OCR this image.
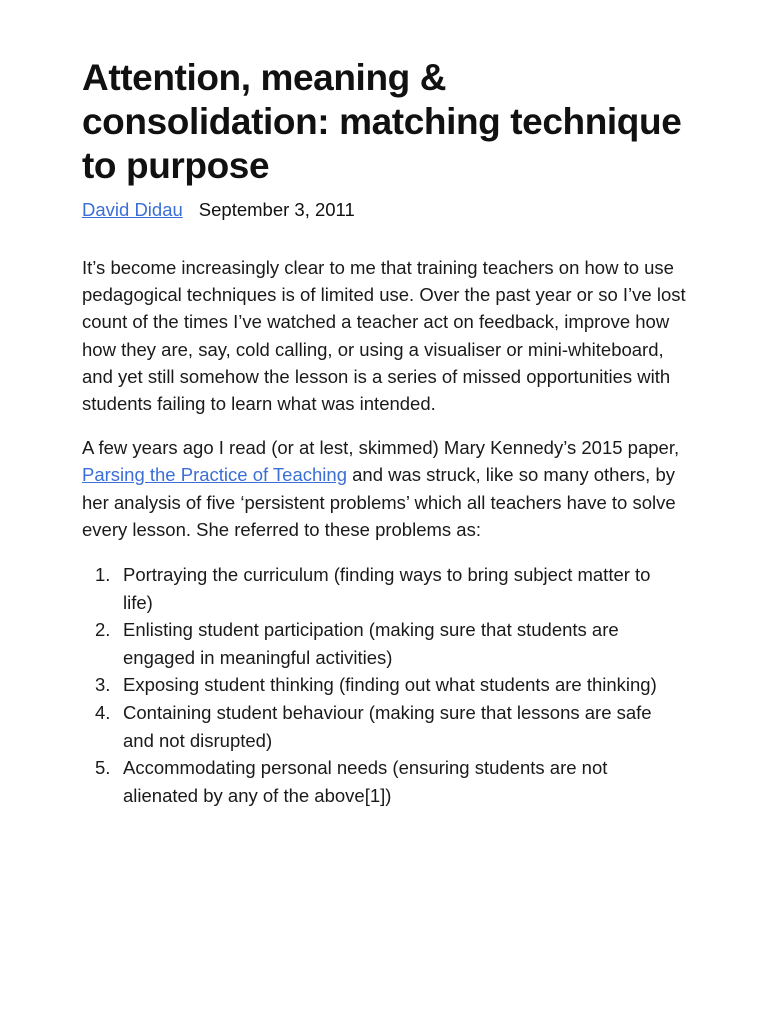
Attention, meaning & consolidation: matching technique to purpose
David Didau September 3, 2011

It’s become increasingly clear to me that training teachers on how to use pedagogical techniques is of limited use. Over the past year or so I’ve lost count of the times I’ve watched a teacher act on feedback, improve how how they are, say, cold calling, or using a visualiser or mini-whiteboard, and yet still somehow the lesson is a series of missed opportunities with students failing to learn what was intended.

A few years ago I read (or at lest, skimmed) Mary Kennedy’s 2015 paper, Parsing the Practice of Teaching and was struck, like so many others, by her analysis of five ‘persistent problems’ which all teachers have to solve every lesson. She referred to these problems as:

1. Portraying the curriculum (finding ways to bring subject matter to life)
2. Enlisting student participation (making sure that students are engaged in meaningful activities)
3. Exposing student thinking (finding out what students are thinking)
4. Containing student behaviour (making sure that lessons are safe and not disrupted)
5. Accommodating personal needs (ensuring students are not alienated by any of the above[1])
